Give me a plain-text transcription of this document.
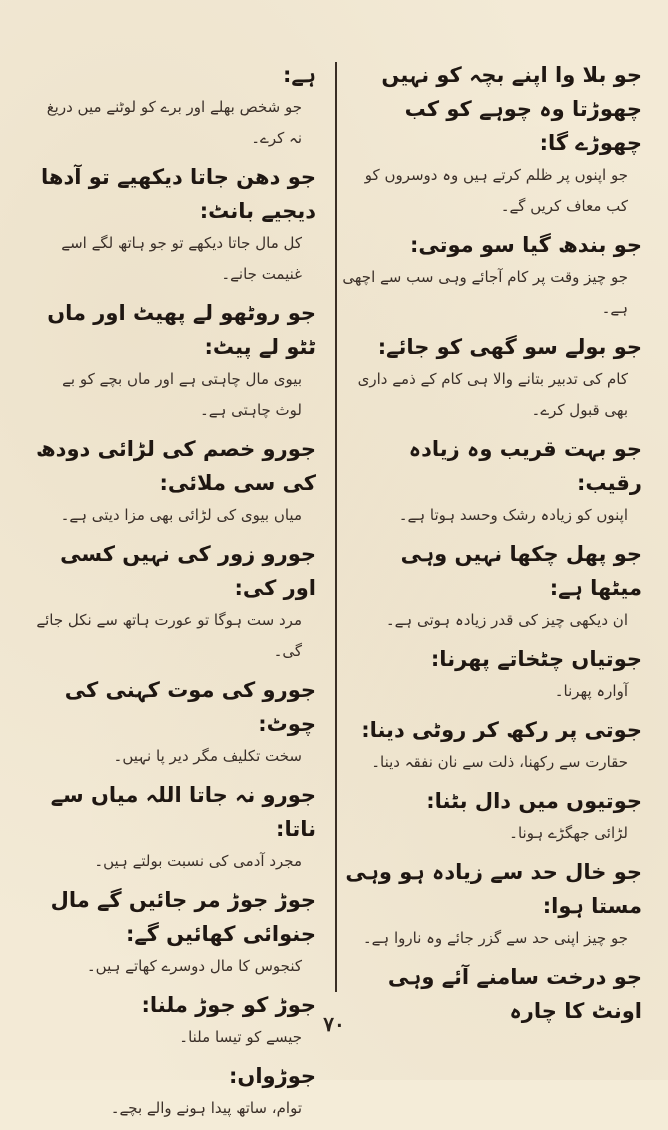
جو بلا وا اپنے بچہ کو نہیں چھوڑتا وہ چوہے کو کب چھوڑے گا:
جو اپنوں پر ظلم کرتے ہیں وہ دوسروں کو کب معاف کریں گے۔
جو بندھ گیا سو موتی:
جو چیز وقت پر کام آجائے وہی سب سے اچھی ہے۔
جو بولے سو گھی کو جائے:
کام کی تدبیر بتانے والا ہی کام کے ذمے داری بھی قبول کرے۔
جو بہت قریب وہ زیادہ رقیب:
اپنوں کو زیادہ رشک وحسد ہوتا ہے۔
جو پھل چکھا نہیں وہی میٹھا ہے:
ان دیکھی چیز کی قدر زیادہ ہوتی ہے۔
جوتیاں چٹخاتے پھرنا:
آوارہ پھرنا۔
جوتی پر رکھ کر روٹی دینا:
حقارت سے رکھنا، ذلت سے نان نفقہ دینا۔
جوتیوں میں دال بٹنا:
لڑائی جھگڑے ہونا۔
جو خال حد سے زیادہ ہو وہی مستا ہوا:
جو چیز اپنی حد سے گزر جائے وہ ناروا ہے۔
جو درخت سامنے آئے وہی اونٹ کا چارہ
ہے:
جو شخص بھلے اور برے کو لوٹنے میں دریغ نہ کرے۔
جو دھن جاتا دیکھیے تو آدھا دیجیے بانٹ:
کل مال جاتا دیکھے تو جو ہاتھ لگے اسے غنیمت جانے۔
جو روٹھو لے پھیٹ اور ماں ٹٹو لے پیٹ:
بیوی مال چاہتی ہے اور ماں بچے کو بے لوث چاہتی ہے۔
جورو خصم کی لڑائی دودھ کی سی ملائی:
میاں بیوی کی لڑائی بھی مزا دیتی ہے۔
جورو زور کی نہیں کسی اور کی:
مرد ست ہوگا تو عورت ہاتھ سے نکل جائے گی۔
جورو کی موت کہنی کی چوٹ:
سخت تکلیف مگر دیر پا نہیں۔
جورو نہ جاتا اللہ میاں سے ناتا:
مجرد آدمی کی نسبت بولتے ہیں۔
جوڑ جوڑ مر جائیں گے مال جنوائی کھائیں گے:
کنجوس کا مال دوسرے کھاتے ہیں۔
جوڑ کو جوڑ ملنا:
جیسے کو تیسا ملنا۔
جوڑواں:
توام، ساتھ پیدا ہونے والے بچے۔
۷۰
